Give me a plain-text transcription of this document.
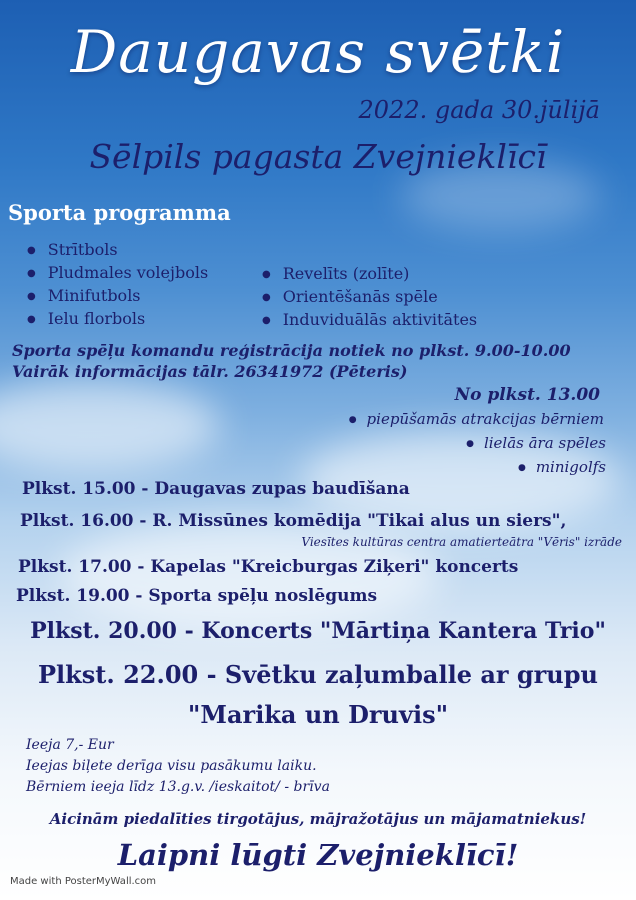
Daugavas svētki
2022. gada 30.jūlijā
Sēlpils pagasta Zvejnieklīcī
Sporta programma
● Strītbols
● Pludmales volejbols
● Minifutbols
● Ielu florbols
● Revelīts (zolīte)
● Orientēšanās spēle
● Induviduālās aktivitātes
Sporta spēļu komandu reģistrācija notiek no plkst. 9.00-10.00
Vairāk informācijas tālr. 26341972 (Pēteris)
No plkst. 13.00
● piepūšamās atrakcijas bērniem
● lielās āra spēles
● minigolfs
Plkst. 15.00 - Daugavas zupas baudīšana
Plkst. 16.00 - R. Missūnes komēdija "Tikai alus un siers",
Viesītes kultūras centra amatierteātra "Vēris" izrāde
Plkst. 17.00 - Kapelas "Kreicburgas Ziķeri" koncerts
Plkst. 19.00 - Sporta spēļu noslēgums
Plkst. 20.00 - Koncerts "Mārtiņa Kantera Trio"
Plkst. 22.00 - Svētku zaļumballe ar grupu
"Marika un Druvis"
Ieeja 7,- Eur
Ieejas biļete derīga visu pasākumu laiku.
Bērniem ieeja līdz 13.g.v. /ieskaitot/ - brīva
Aicinām piedalīties tirgotājus, mājražotājus un mājamatniekus!
Laipni lūgti Zvejnieklīcī!
Made with PosterMyWall.com
